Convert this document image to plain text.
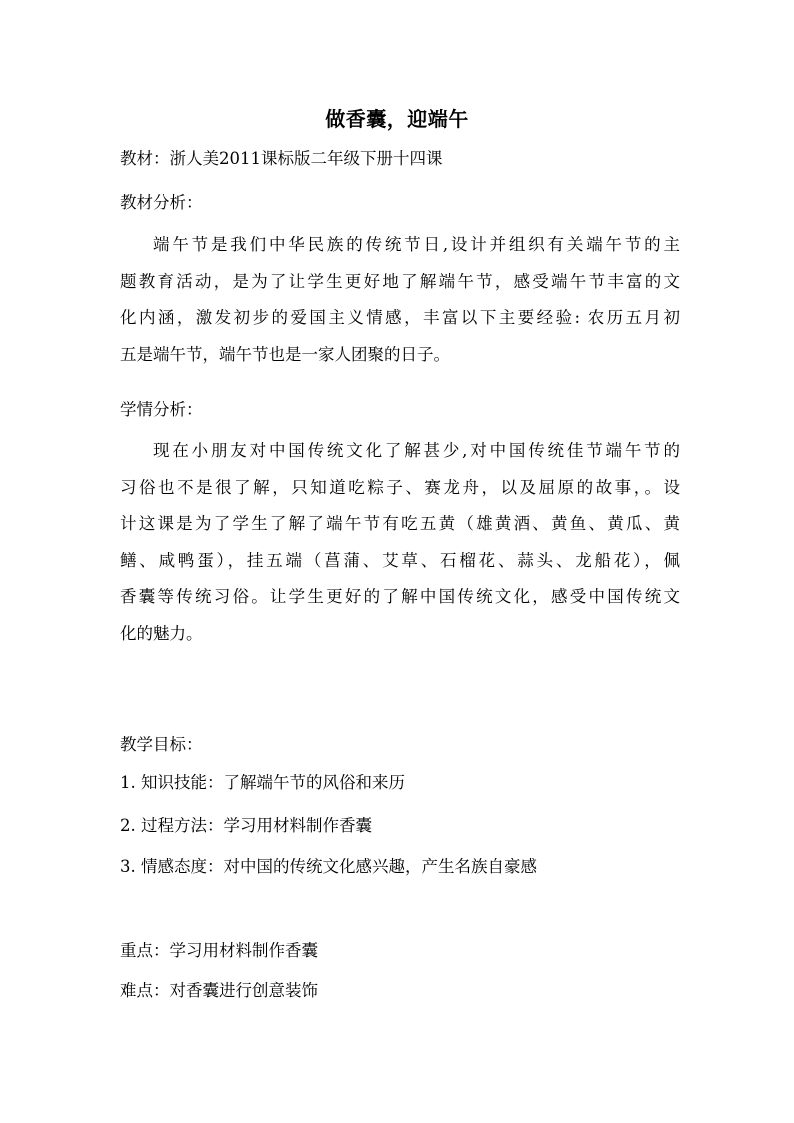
做香囊，迎端午
教材：浙人美2011课标版二年级下册十四课
教材分析：
端午节是我们中华民族的传统节日,设计并组织有关端午节的主
题教育活动，是为了让学生更好地了解端午节，感受端午节丰富的文
化内涵，激发初步的爱国主义情感，丰富以下主要经验: 农历五月初
五是端午节，端午节也是一家人团聚的日子。
学情分析：
现在小朋友对中国传统文化了解甚少,对中国传统佳节端午节的
习俗也不是很了解，只知道吃粽子、赛龙舟，以及屈原的故事，。设
计这课是为了学生了解了端午节有吃五黄（雄黄酒、黄鱼、黄瓜、黄
鳝、咸鸭蛋），挂五端（菖蒲、艾草、石榴花、蒜头、龙船花），佩
香囊等传统习俗。让学生更好的了解中国传统文化，感受中国传统文
化的魅力。
教学目标：
1. 知识技能：了解端午节的风俗和来历
2. 过程方法：学习用材料制作香囊
3. 情感态度：对中国的传统文化感兴趣，产生名族自豪感
重点：学习用材料制作香囊
难点：对香囊进行创意装饰
